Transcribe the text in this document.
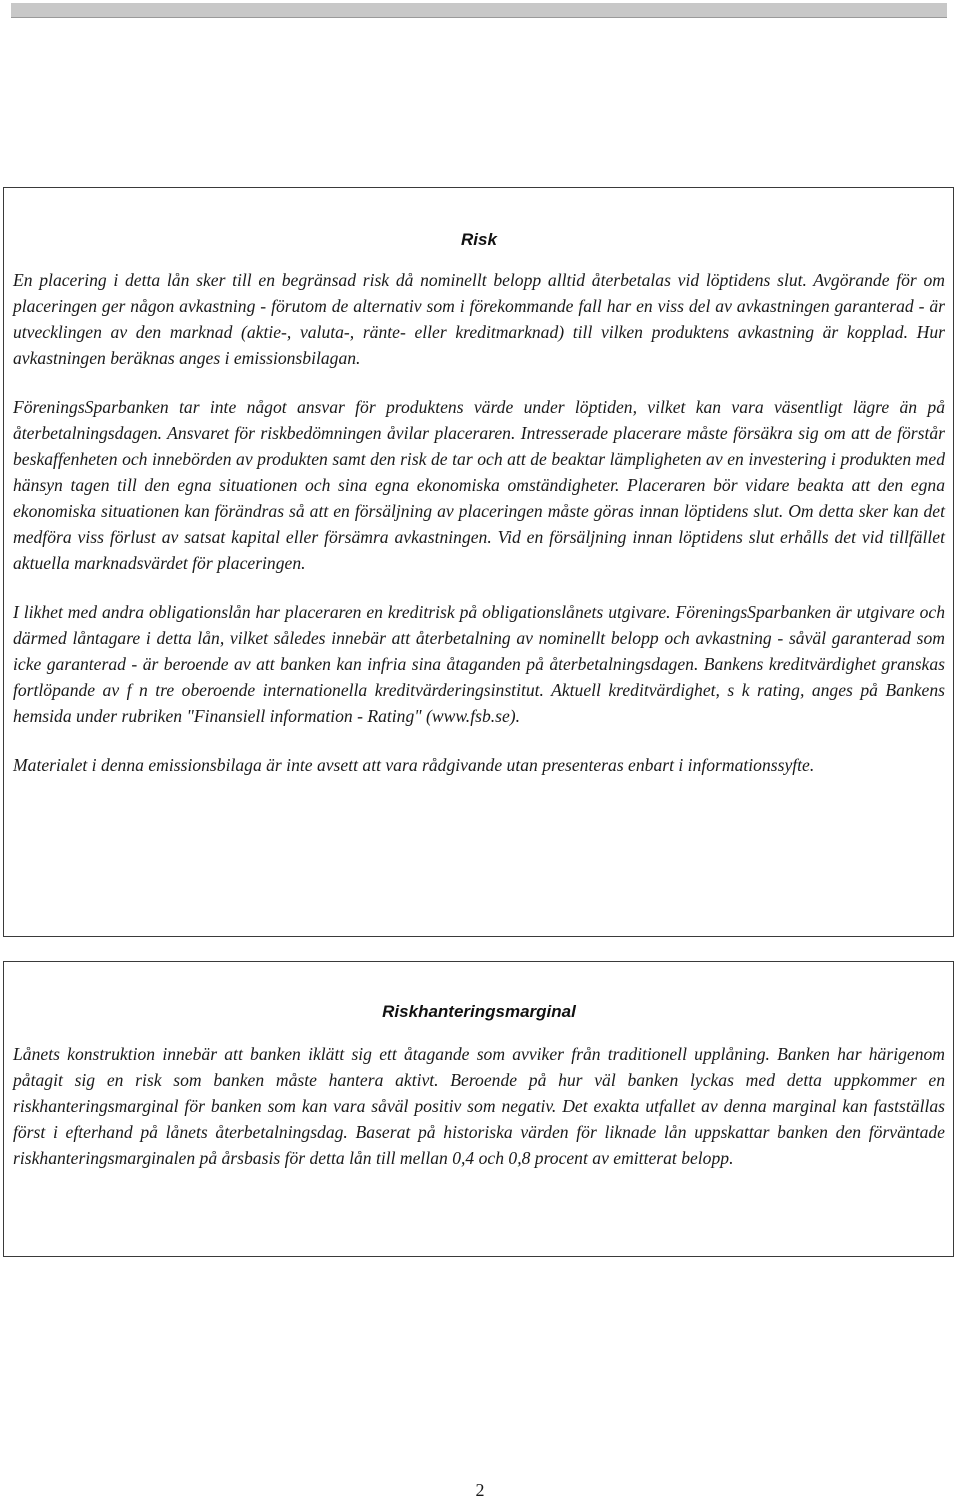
Risk

En placering i detta lån sker till en begränsad risk då nominellt belopp alltid återbetalas vid löptidens slut. Avgörande för om placeringen ger någon avkastning - förutom de alternativ som i förekommande fall har en viss del av avkastningen garanterad - är utvecklingen av den marknad (aktie-, valuta-, ränte- eller kreditmarknad) till vilken produktens avkastning är kopplad. Hur avkastningen beräknas anges i emissionsbilagan.

FöreningsSparbanken tar inte något ansvar för produktens värde under löptiden, vilket kan vara väsentligt lägre än på återbetalningsdagen. Ansvaret för riskbedömningen åvilar placeraren. Intresserade placerare måste försäkra sig om att de förstår beskaffenheten och innebörden av produkten samt den risk de tar och att de beaktar lämpligheten av en investering i produkten med hänsyn tagen till den egna situationen och sina egna ekonomiska omständigheter. Placeraren bör vidare beakta att den egna ekonomiska situationen kan förändras så att en försäljning av placeringen måste göras innan löptidens slut. Om detta sker kan det medföra viss förlust av satsat kapital eller försämra avkastningen. Vid en försäljning innan löptidens slut erhålls det vid tillfället aktuella marknadsvärdet för placeringen.

I likhet med andra obligationslån har placeraren en kreditrisk på obligationslånets utgivare. FöreningsSparbanken är utgivare och därmed låntagare i detta lån, vilket således innebär att återbetalning av nominellt belopp och avkastning - såväl garanterad som icke garanterad - är beroende av att banken kan infria sina åtaganden på återbetalningsdagen. Bankens kreditvärdighet granskas fortlöpande av f n tre oberoende internationella kreditvärderingsinstitut. Aktuell kreditvärdighet, s k rating, anges på Bankens hemsida under rubriken "Finansiell information - Rating" (www.fsb.se).

Materialet i denna emissionsbilaga är inte avsett att vara rådgivande utan presenteras enbart i informationssyfte.

Riskhanteringsmarginal

Lånets konstruktion innebär att banken iklätt sig ett åtagande som avviker från traditionell upplåning. Banken har härigenom påtagit sig en risk som banken måste hantera aktivt. Beroende på hur väl banken lyckas med detta uppkommer en riskhanteringsmarginal för banken som kan vara såväl positiv som negativ. Det exakta utfallet av denna marginal kan fastställas först i efterhand på lånets återbetalningsdag. Baserat på historiska värden för liknade lån uppskattar banken den förväntade riskhanteringsmarginalen på årsbasis för detta lån till mellan 0,4 och 0,8 procent av emitterat belopp.

2
